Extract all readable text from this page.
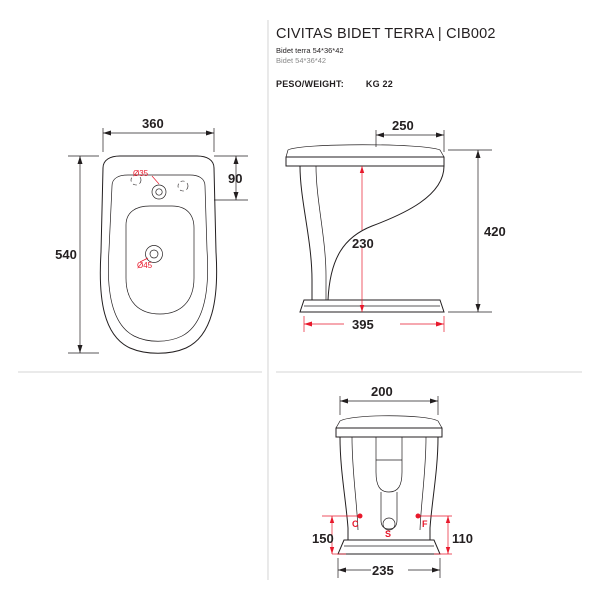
CIVITAS BIDET TERRA | CIB002
Bidet terra 54*36*42
Bidet 54*36*42
PESO/WEIGHT: KG 22
Ø35
Ø45
360
90
540
250
420
230
395
200
C	F
S
150	110
235
